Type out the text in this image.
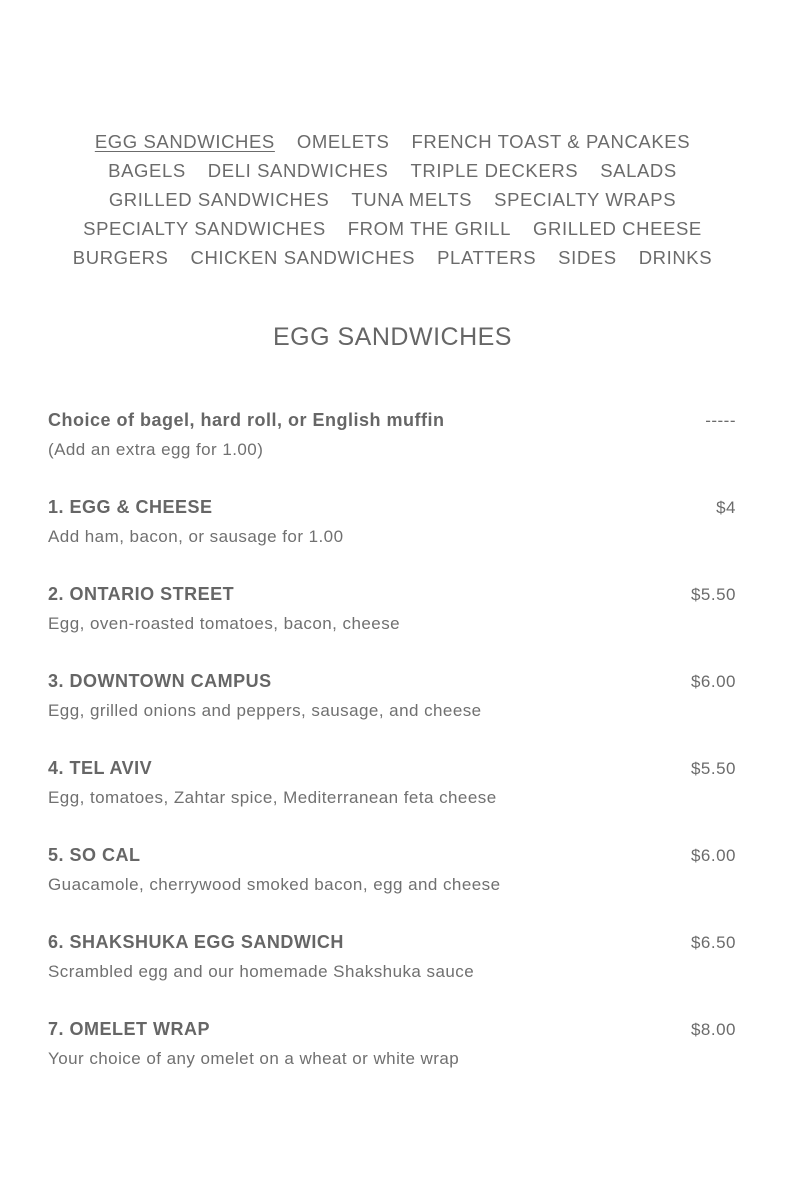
EGG SANDWICHES OMELETS FRENCH TOAST & PANCAKES
BAGELS DELI SANDWICHES TRIPLE DECKERS SALADS
GRILLED SANDWICHES TUNA MELTS SPECIALTY WRAPS
SPECIALTY SANDWICHES FROM THE GRILL GRILLED CHEESE
BURGERS CHICKEN SANDWICHES PLATTERS SIDES DRINKS
EGG SANDWICHES
Choice of bagel, hard roll, or English muffin	-----
(Add an extra egg for 1.00)
1. EGG & CHEESE	$4
Add ham, bacon, or sausage for 1.00
2. ONTARIO STREET	$5.50
Egg, oven-roasted tomatoes, bacon, cheese
3. DOWNTOWN CAMPUS	$6.00
Egg, grilled onions and peppers, sausage, and cheese
4. TEL AVIV	$5.50
Egg, tomatoes, Zahtar spice, Mediterranean feta cheese
5. SO CAL	$6.00
Guacamole, cherrywood smoked bacon, egg and cheese
6. SHAKSHUKA EGG SANDWICH	$6.50
Scrambled egg and our homemade Shakshuka sauce
7. OMELET WRAP	$8.00
Your choice of any omelet on a wheat or white wrap
